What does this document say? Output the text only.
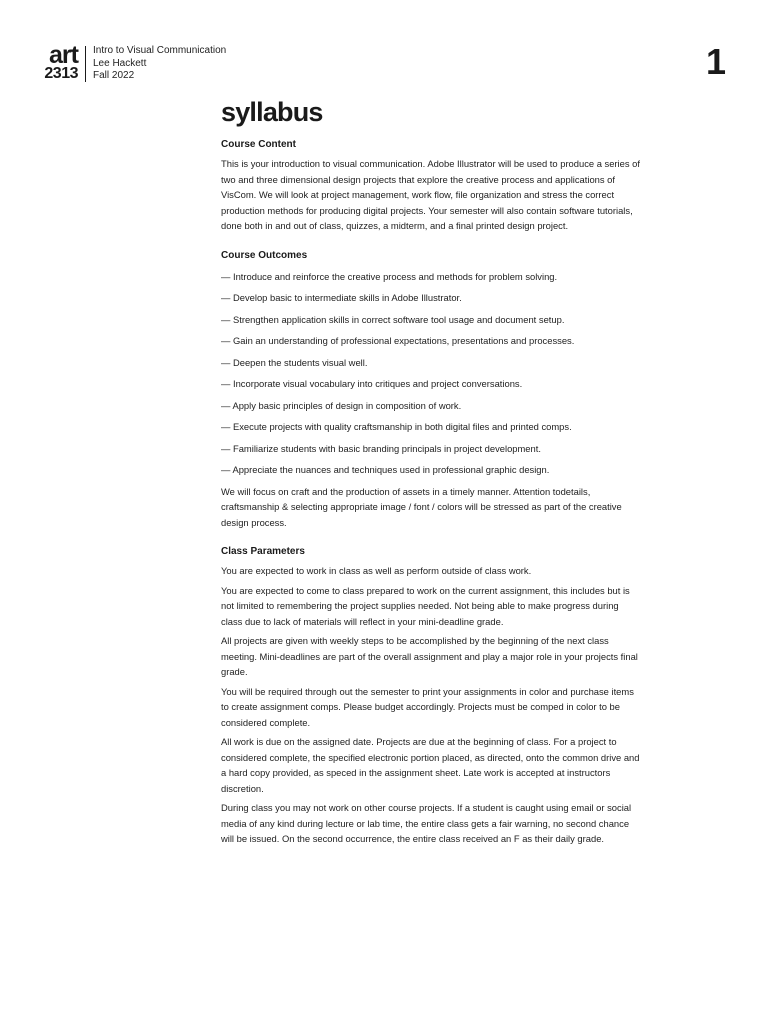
art
2313
Intro to Visual Communication
Lee Hackett
Fall 2022	1
syllabus
Course Content

This is your introduction to visual communication. Adobe Illustrator will be used to produce a series of two and three dimensional design projects that explore the creative process and applications of VisCom. We will look at project management, work flow, file organization and stress the correct production methods for producing digital projects. Your semester will also contain software tutorials, done both in and out of class, quizzes, a midterm, and a final printed design project.

Course Outcomes

— Introduce and reinforce the creative process and methods for problem solving.

— Develop basic to intermediate skills in Adobe Illustrator.

— Strengthen application skills in correct software tool usage and document setup.

— Gain an understanding of professional expectations, presentations and processes.

— Deepen the students visual well.

— Incorporate visual vocabulary into critiques and project conversations.

— Apply basic principles of design in composition of work.

— Execute projects with quality craftsmanship in both digital files and printed comps.

— Familiarize students with basic branding principals in project development.

— Appreciate the nuances and techniques used in professional graphic design.

We will focus on craft and the production of assets in a timely manner. Attention todetails, craftsmanship & selecting appropriate image / font / colors will be stressed as part of the creative design process.

Class Parameters

You are expected to work in class as well as perform outside of class work.

You are expected to come to class prepared to work on the current assignment, this includes but is not limited to remembering the project supplies needed. Not being able to make progress during class due to lack of materials will reflect in your mini-deadline grade.

All projects are given with weekly steps to be accomplished by the beginning of the next class meeting. Mini-deadlines are part of the overall assignment and play a major role in your projects final grade.

You will be required through out the semester to print your assignments in color and purchase items to create assignment comps. Please budget accordingly. Projects must be comped in color to be considered complete.

All work is due on the assigned date. Projects are due at the beginning of class. For a project to considered complete, the specified electronic portion placed, as directed, onto the common drive and a hard copy provided, as speced in the assignment sheet. Late work is accepted at instructors discretion.

During class you may not work on other course projects. If a student is caught using email or social media of any kind during lecture or lab time, the entire class gets a fair warning, no second chance will be issued. On the second occurrence, the entire class received an F as their daily grade.
